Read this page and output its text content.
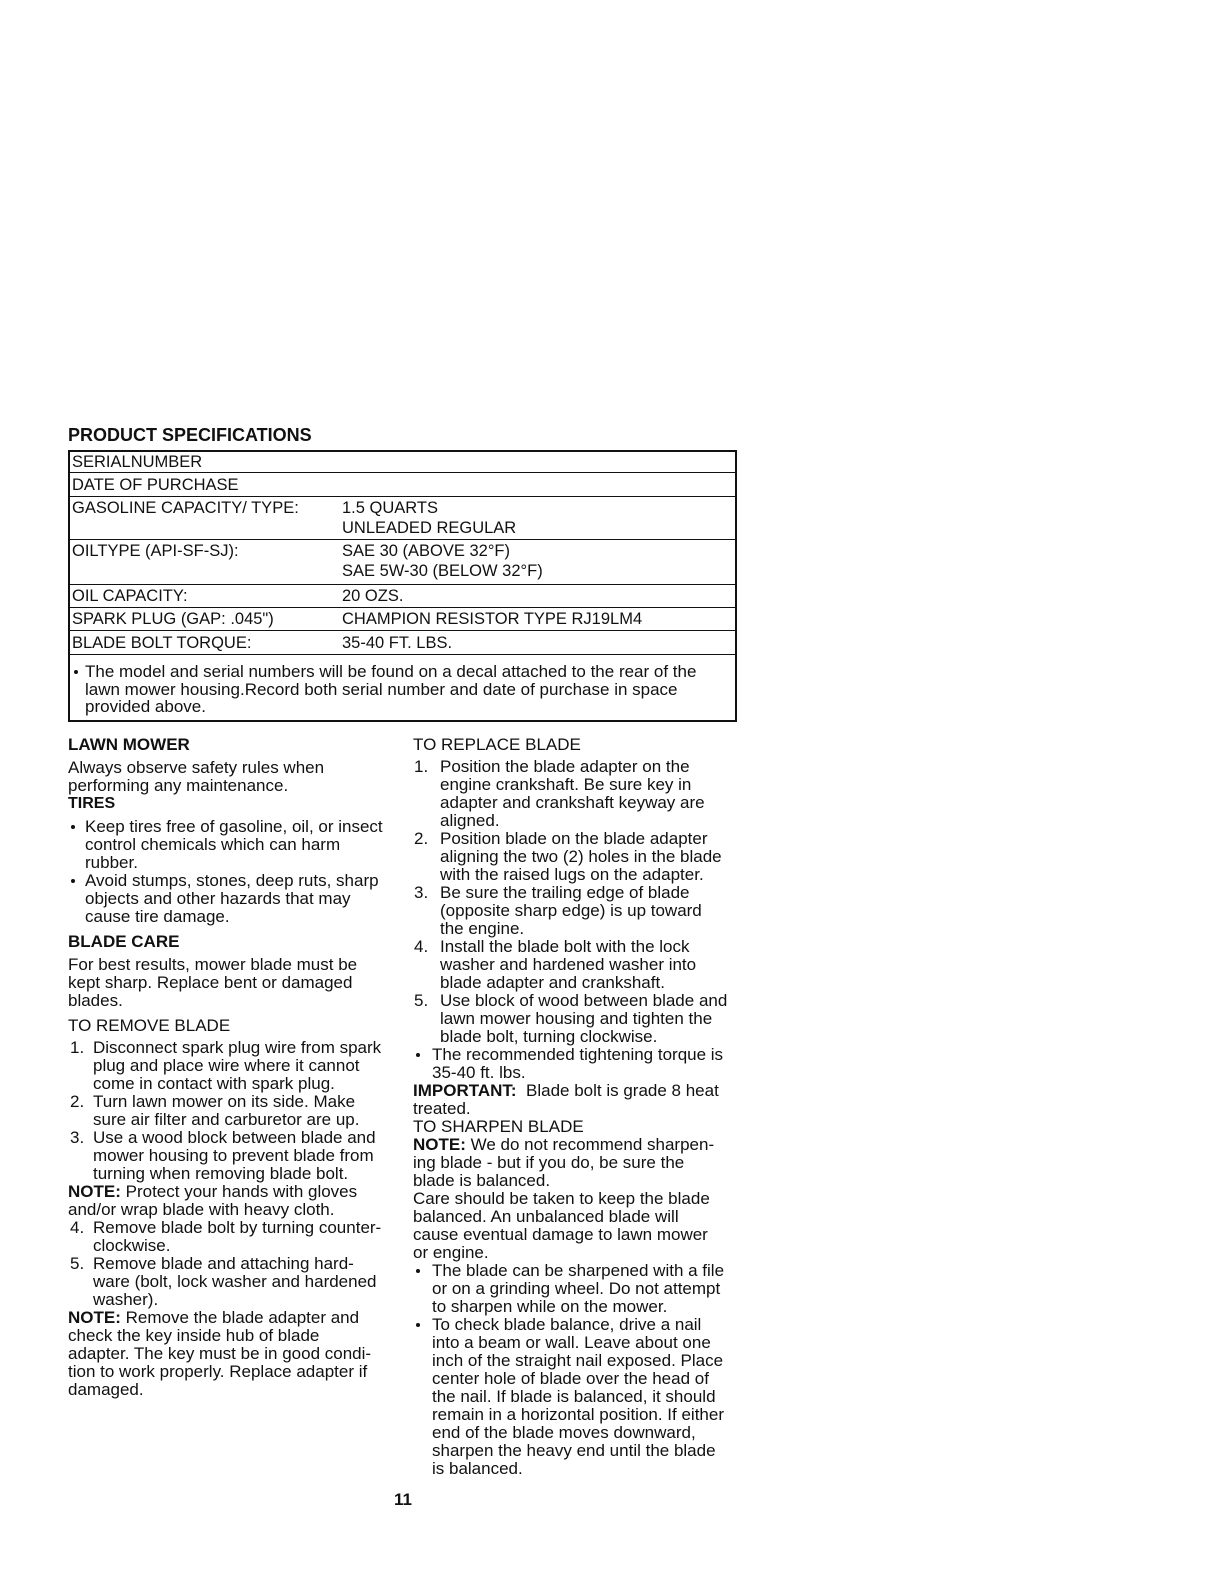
PRODUCT SPECIFICATIONS
SERIALNUMBER
DATE OF PURCHASE
GASOLINE CAPACITY/ TYPE:	1.5 QUARTS
UNLEADED REGULAR
OILTYPE (API-SF-SJ):	SAE 30 (ABOVE 32°F)
SAE 5W-30 (BELOW 32°F)
OIL CAPACITY:	20 OZS.
SPARK PLUG (GAP: .045")	CHAMPION RESISTOR TYPE RJ19LM4
BLADE BOLT TORQUE:	35-40 FT. LBS.
The model and serial numbers will be found on a decal attached to the rear of the
lawn mower housing.Record both serial number and date of purchase in space
provided above.
LAWN MOWER
Always observe safety rules when
performing any maintenance.
TIRES
Keep tires free of gasoline, oil, or insect
control chemicals which can harm
rubber.
Avoid stumps, stones, deep ruts, sharp
objects and other hazards that may
cause tire damage.
BLADE CARE
For best results, mower blade must be
kept sharp. Replace bent or damaged
blades.
TO REMOVE BLADE
1. Disconnect spark plug wire from spark
plug and place wire where it cannot
come in contact with spark plug.
2. Turn lawn mower on its side. Make
sure air filter and carburetor are up.
3. Use a wood block between blade and
mower housing to prevent blade from
turning when removing blade bolt.
NOTE: Protect your hands with gloves
and/or wrap blade with heavy cloth.
4. Remove blade bolt by turning counter-
clockwise.
5. Remove blade and attaching hard-
ware (bolt, lock washer and hardened
washer).
NOTE: Remove the blade adapter and
check the key inside hub of blade
adapter. The key must be in good condi-
tion to work properly. Replace adapter if
damaged.
TO REPLACE BLADE
1. Position the blade adapter on the
engine crankshaft. Be sure key in
adapter and crankshaft keyway are
aligned.
2. Position blade on the blade adapter
aligning the two (2) holes in the blade
with the raised lugs on the adapter.
3. Be sure the trailing edge of blade
(opposite sharp edge) is up toward
the engine.
4. Install the blade bolt with the lock
washer and hardened washer into
blade adapter and crankshaft.
5. Use block of wood between blade and
lawn mower housing and tighten the
blade bolt, turning clockwise.
The recommended tightening torque is
35-40 ft. lbs.
IMPORTANT: Blade bolt is grade 8 heat
treated.
TO SHARPEN BLADE
NOTE: We do not recommend sharpen-
ing blade - but if you do, be sure the
blade is balanced.
Care should be taken to keep the blade
balanced. An unbalanced blade will
cause eventual damage to lawn mower
or engine.
The blade can be sharpened with a file
or on a grinding wheel. Do not attempt
to sharpen while on the mower.
To check blade balance, drive a nail
into a beam or wall. Leave about one
inch of the straight nail exposed. Place
center hole of blade over the head of
the nail. If blade is balanced, it should
remain in a horizontal position. If either
end of the blade moves downward,
sharpen the heavy end until the blade
is balanced.
11
